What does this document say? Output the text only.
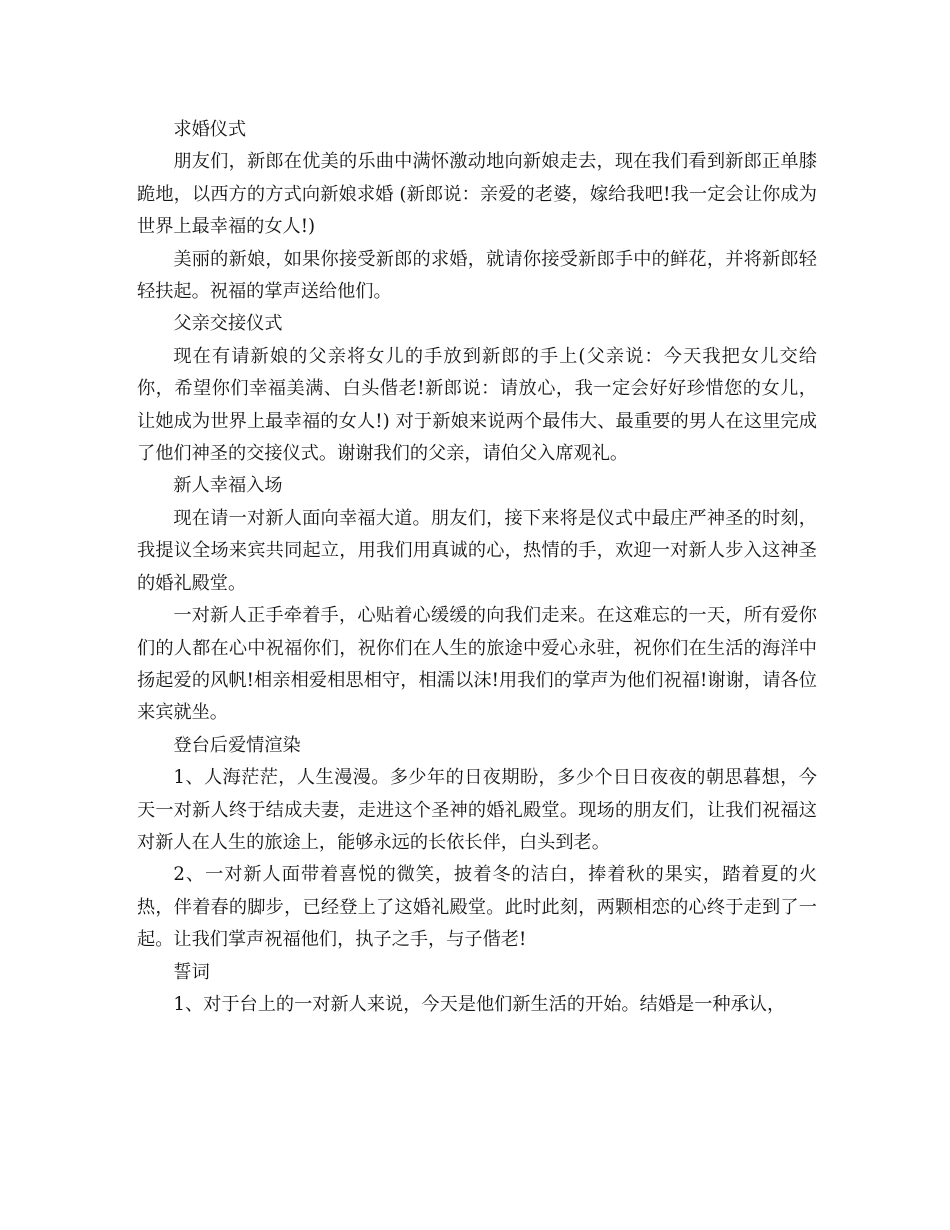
求婚仪式

朋友们，新郎在优美的乐曲中满怀激动地向新娘走去，现在我们看到新郎正单膝跪地，以西方的方式向新娘求婚 (新郎说：亲爱的老婆，嫁给我吧!我一定会让你成为世界上最幸福的女人!)

美丽的新娘，如果你接受新郎的求婚，就请你接受新郎手中的鲜花，并将新郎轻轻扶起。祝福的掌声送给他们。

父亲交接仪式

现在有请新娘的父亲将女儿的手放到新郎的手上(父亲说：今天我把女儿交给你，希望你们幸福美满、白头偕老!新郎说：请放心，我一定会好好珍惜您的女儿，让她成为世界上最幸福的女人!) 对于新娘来说两个最伟大、最重要的男人在这里完成了他们神圣的交接仪式。谢谢我们的父亲，请伯父入席观礼。

新人幸福入场

现在请一对新人面向幸福大道。朋友们，接下来将是仪式中最庄严神圣的时刻，我提议全场来宾共同起立，用我们用真诚的心，热情的手，欢迎一对新人步入这神圣的婚礼殿堂。

一对新人正手牵着手，心贴着心缓缓的向我们走来。在这难忘的一天，所有爱你们的人都在心中祝福你们，祝你们在人生的旅途中爱心永驻，祝你们在生活的海洋中扬起爱的风帆!相亲相爱相思相守，相濡以沫!用我们的掌声为他们祝福!谢谢，请各位来宾就坐。

登台后爱情渲染

1、人海茫茫，人生漫漫。多少年的日夜期盼，多少个日日夜夜的朝思暮想，今天一对新人终于结成夫妻，走进这个圣神的婚礼殿堂。现场的朋友们，让我们祝福这对新人在人生的旅途上，能够永远的长依长伴，白头到老。

2、一对新人面带着喜悦的微笑，披着冬的洁白，捧着秋的果实，踏着夏的火热，伴着春的脚步，已经登上了这婚礼殿堂。此时此刻，两颗相恋的心终于走到了一起。让我们掌声祝福他们，执子之手，与子偕老!

誓词

1、对于台上的一对新人来说，今天是他们新生活的开始。结婚是一种承认，
